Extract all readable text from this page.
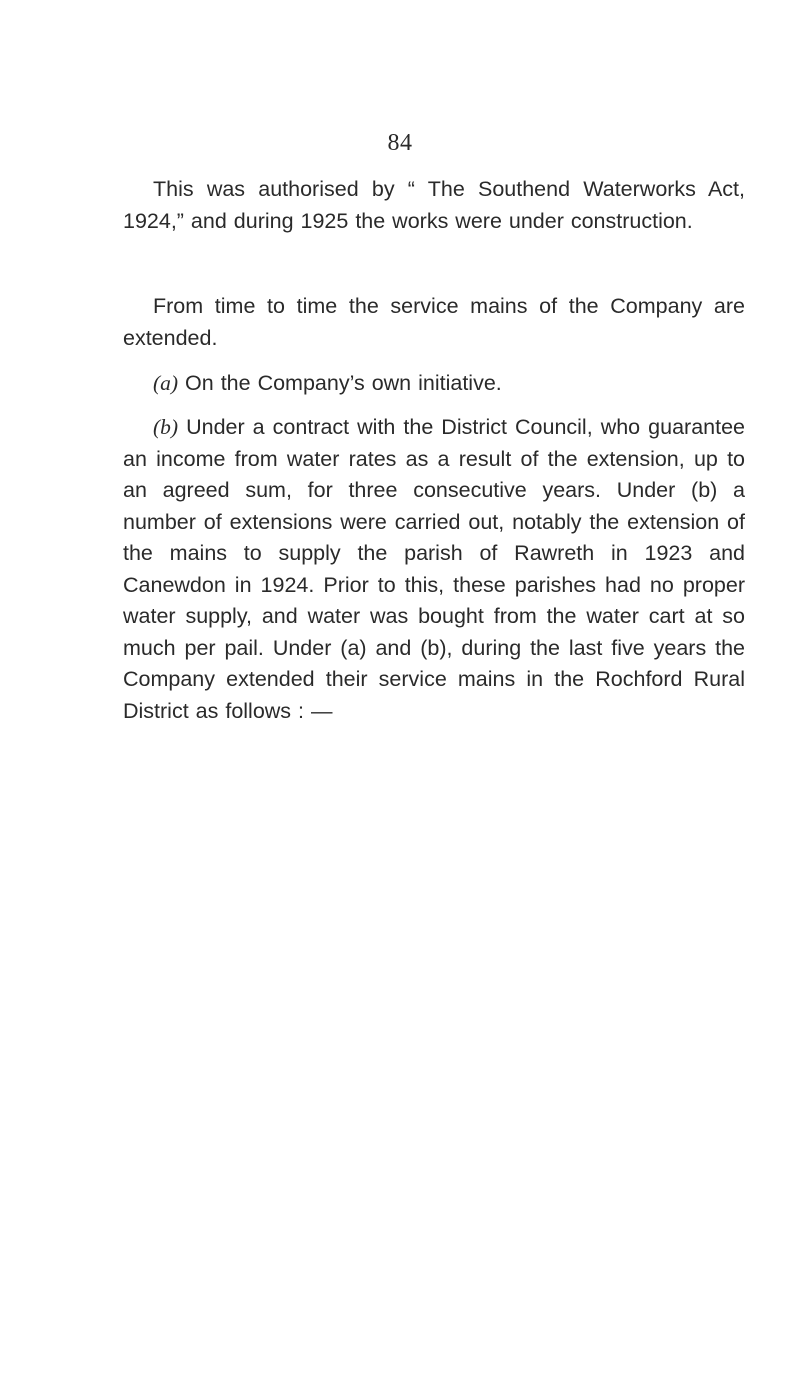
84

This was authorised by “ The Southend Waterworks Act, 1924,” and during 1925 the works were under construction.

From time to time the service mains of the Company are extended.

(a) On the Company’s own initiative.

(b) Under a contract with the District Council, who guarantee an income from water rates as a result of the extension, up to an agreed sum, for three consecutive years. Under (b) a number of extensions were carried out, notably the extension of the mains to supply the parish of Rawreth in 1923 and Canewdon in 1924. Prior to this, these parishes had no proper water supply, and water was bought from the water cart at so much per pail. Under (a) and (b), during the last five years the Company extended their service mains in the Rochford Rural District as follows : —
